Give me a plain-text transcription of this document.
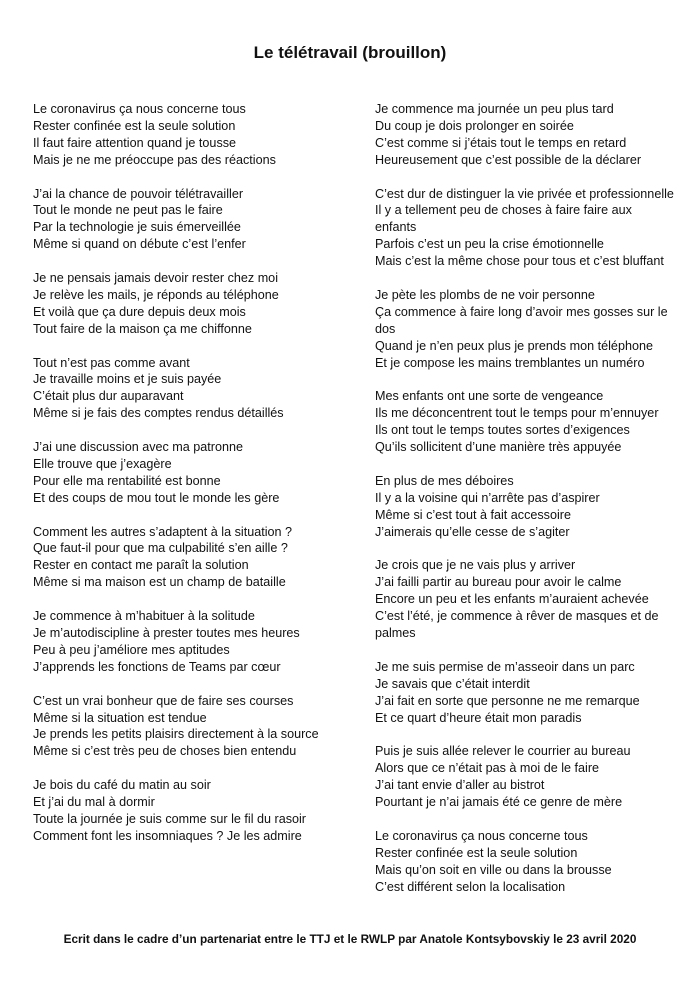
Le télétravail (brouillon)
Le coronavirus ça nous concerne tous
Rester confinée est la seule solution
Il faut faire attention quand je tousse
Mais je ne me préoccupe pas des réactions
J’ai la chance de pouvoir télétravailler
Tout le monde ne peut pas le faire
Par la technologie je suis émerveillée
Même si quand on débute c’est l’enfer
Je ne pensais jamais devoir rester chez moi
Je relève les mails, je réponds au téléphone
Et voilà que ça dure depuis deux mois
Tout faire de la maison ça me chiffonne
Tout n’est pas comme avant
Je travaille moins et je suis payée
C’était plus dur auparavant
Même si je fais des comptes rendus détaillés
J’ai une discussion avec ma patronne
Elle trouve que j’exagère
Pour elle ma rentabilité est bonne
Et des coups de mou tout le monde les gère
Comment les autres s’adaptent à la situation ?
Que faut-il pour que ma culpabilité s’en aille ?
Rester en contact me paraît la solution
Même si ma maison est un champ de bataille
Je commence à m’habituer à la solitude
Je m’autodiscipline à prester toutes mes heures
Peu à peu j’améliore mes aptitudes
J’apprends les fonctions de Teams par cœur
C’est un vrai bonheur que de faire ses courses
Même si la situation est tendue
Je prends les petits plaisirs directement à la source
Même si c’est très peu de choses bien entendu
Je bois du café du matin au soir
Et j’ai du mal à dormir
Toute la journée je suis comme sur le fil du rasoir
Comment font les insomniaques ? Je les admire
Je commence ma journée un peu plus tard
Du coup je dois prolonger en soirée
C’est comme si j’étais tout le temps en retard
Heureusement que c’est possible de la déclarer
C’est dur de distinguer la vie privée et professionnelle
Il y a tellement peu de choses à faire faire aux enfants
Parfois c’est un peu la crise émotionnelle
Mais c’est la même chose pour tous et c’est bluffant
Je pète les plombs de ne voir personne
Ça commence à faire long d’avoir mes gosses sur le dos
Quand je n’en peux plus je prends mon téléphone
Et je compose les mains tremblantes un numéro
Mes enfants ont une sorte de vengeance
Ils me déconcentrent tout le temps pour m’ennuyer
Ils ont tout le temps toutes sortes d’exigences
Qu’ils sollicitent d’une manière très appuyée
En plus de mes déboires
Il y a la voisine qui n’arrête pas d’aspirer
Même si c’est tout à fait accessoire
J’aimerais qu’elle cesse de s’agiter
Je crois que je ne vais plus y arriver
J’ai failli partir au bureau pour avoir le calme
Encore un peu et les enfants m’auraient achevée
C’est l’été, je commence à rêver de masques et de palmes
Je me suis permise de m’asseoir dans un parc
Je savais que c’était interdit
J’ai fait en sorte que personne ne me remarque
Et ce quart d’heure était mon paradis
Puis je suis allée relever le courrier au bureau
Alors que ce n’était pas à moi de le faire
J’ai tant envie d’aller au bistrot
Pourtant je n’ai jamais été ce genre de mère
Le coronavirus ça nous concerne tous
Rester confinée est la seule solution
Mais qu’on soit en ville ou dans la brousse
C’est différent selon la localisation
Ecrit dans le cadre d’un partenariat entre le TTJ et le RWLP par Anatole Kontsybovskiy le 23 avril 2020
